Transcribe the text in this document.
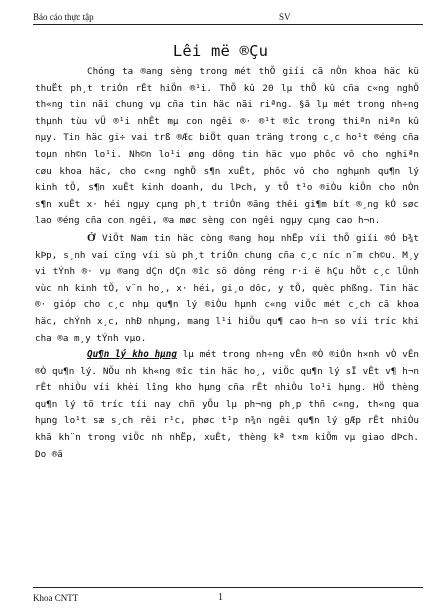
Báo cáo thực tập	SV
Lêi më ®Çu

Chóng ta ®ang sèng trong mét thÕ giíi cã nÒn khoa häc kü thuËt ph¸t triÓn rÊt hiÖn ®¹i. ThÕ kû 20 lµ thÕ kû cña c«ng nghÖ th«ng tin nãi chung vµ cña tin häc nãi riªng. §ã lµ mét trong nh÷ng thµnh tùu vÜ ®¹i nhÊt mµ con ngêi ®· ®¹t ®îc trong thiªn niªn kû nµy. Tin häc gi÷ vai trß ®Æc biÖt quan träng trong c¸c ho¹t ®éng cña toµn nh©n lo¹i. Nh©n lo¹i øng dông tin häc vµo phôc vô cho nghiªn cøu khoa häc, cho c«ng nghÖ s¶n xuÊt, phôc vô cho nghµnh qu¶n lý kinh tÕ, s¶n xuÊt kinh doanh, du lÞch, y tÕ t¹o ®iÒu kiÖn cho nÒn s¶n xuÊt x· héi ngµy cµng ph¸t triÓn ®ãng thêi gi¶m bít ®¸ng kÓ søc lao ®éng cña con ngêi, ®a møc sèng con ngêi ngµy cµng cao h¬n.

Ở ViÖt Nam tin häc còng ®ang hoµ nhËp víi thÕ giíi ®Ó b¾t kÞp, s¸nh vai cïng víi sù ph¸t triÓn chung cña c¸c níc n¨m ch©u. M¸y vi tÝnh ®· vµ ®ang dÇn dÇn ®îc sö dông réng r·i ë hÇu hÕt c¸c lÜnh vùc nh kinh tÕ, v¨n ho¸, x· héi, gi¸o dôc, y tÕ, quèc phßng. Tin häc ®· gióp cho c¸c nhµ qu¶n lý ®iÒu hµnh c«ng viÖc mét c¸ch cã khoa häc, chÝnh x¸c, nhÐ nhµng, mang l¹i hiÖu qu¶ cao h¬n so víi tríc khi cha ®a m¸y tÝnh vµo.

Qu¶n lý kho hµng lµ mét trong nh÷ng vÊn ®Ò ®iÓn h×nh vÒ vÊn ®Ò qu¶n lý. NÕu nh kh«ng ®îc tin häc ho¸, viÖc qu¶n lý sÏ vÊt v¶ h¬n rÊt nhiÒu víi khèi lîng kho hµng cña rÊt nhiÒu lo¹i hµng. HÖ thèng qu¶n lý tõ tríc tíi nay chñ yÕu lµ ph¬ng ph¸p thñ c«ng, th«ng qua hµng lo¹t sæ s¸ch rêi r¹c, phøc t¹p n¾n ngêi qu¶n lý gÆp rÊt nhiÒu khã kh¨n trong viÖc nh nhËp, xuÊt, thèng kª t×m kiÕm vµ giao dÞch. Do ®ã

Khoa CNTT	1
